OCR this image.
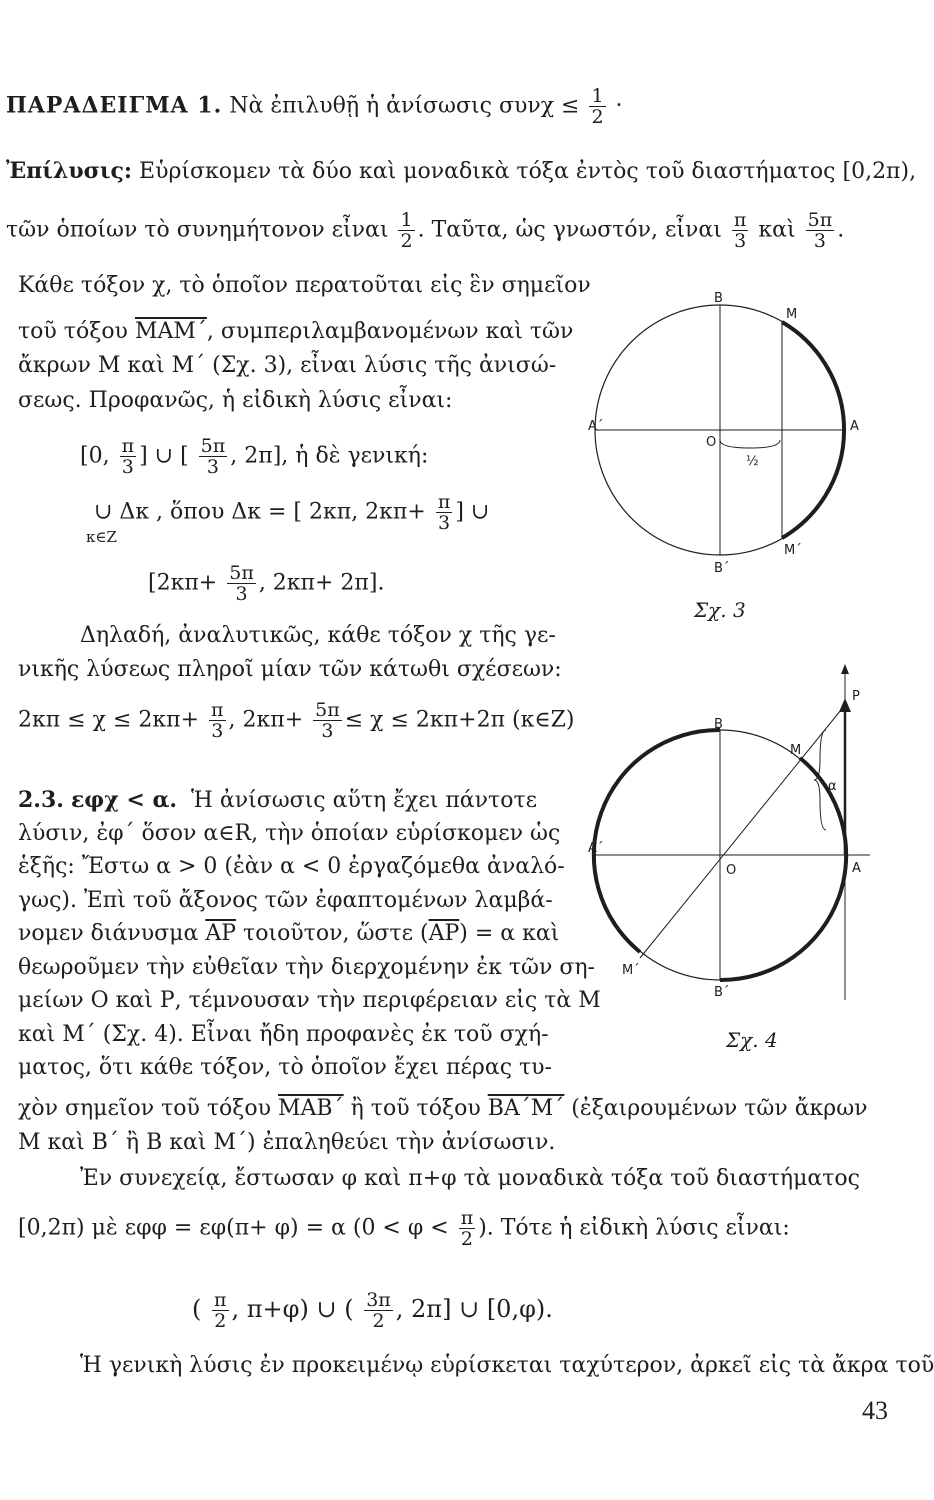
ΠΑΡΑΔΕΙΓΜΑ 1. Νὰ ἐπιλυθῇ ἡ ἀνίσωσις $\sigma\upsilon\nu\chi \le \frac{1}{2}$ ·
Ἐπίλυσις: Εὑρίσκομεν τὰ δύο καὶ μοναδικὰ τόξα ἐντὸς τοῦ διαστήματος [0,2π),
τῶν ὁποίων τὸ συνημήτονον εἶναι $\frac{1}{2}$ . Ταῦτα, ὡς γνωστόν, εἶναι $\frac{\pi}{3}$ καὶ $\frac{5\pi}{3}$ .
Κάθε τόξον χ, τὸ ὁποῖον περατοῦται εἰς ἓν σημεῖον
τοῦ τόξου ΜΑΜ΄, συμπεριλαμβανομένων καὶ τῶν
ἄκρων Μ καὶ Μ΄ (Σχ. 3), εἶναι λύσις τῆς ἀνισώ-
σεως. Προφανῶς, ἡ εἰδικὴ λύσις εἶναι:
[0, $\frac{\pi}{3}$ ] ∪ [ $\frac{5\pi}{3}$ , 2π], ἡ δὲ γενική:
∪ Δκ , ὅπου Δκ = [ 2κπ, $2\kappa\pi+ \frac{\pi}{3}$ ] ∪
κ∈Z
[$2\kappa\pi+ \frac{5\pi}{3}$ , 2κπ+ 2π].
Δηλαδή, ἀναλυτικῶς, κάθε τόξον χ τῆς γε-
νικῆς λύσεως πληροῖ μίαν τῶν κάτωθι σχέσεων:
$2\kappa\pi \le \chi \le 2\kappa\pi+ \frac{\pi}{3}$ , $2\kappa\pi+ \frac{5\pi}{3} \le \chi \le 2\kappa\pi+2\pi$ (κ∈Z)
2.3. εφχ < α.  Ἡ ἀνίσωσις αὕτη ἔχει πάντοτε
λύσιν, ἐφ΄ ὅσον α∈R, τὴν ὁποίαν εὑρίσκομεν ὡς
ἑξῆς: Ἔστω α > 0 (ἐὰν α < 0 ἐργαζόμεθα ἀναλό-
γως). Ἐπὶ τοῦ ἄξονος τῶν ἐφαπτομένων λαμβά-
νομεν διάνυσμα $\overline{AP}$ τοιοῦτον, ὥστε $(\overline{AP}) = \alpha$ καὶ
θεωροῦμεν τὴν εὐθεῖαν τὴν διερχομένην ἐκ τῶν ση-
μείων Ο καὶ Ρ, τέμνουσαν τὴν περιφέρειαν εἰς τὰ Μ
καὶ Μ΄ (Σχ. 4). Εἶναι ἤδη προφανὲς ἐκ τοῦ σχή-
ματος, ὅτι κάθε τόξον, τὸ ὁποῖον ἔχει πέρας τυ-
χὸν σημεῖον τοῦ τόξου ΜΑΒ΄ ἢ τοῦ τόξου ΒΑ΄Μ΄ (ἐξαιρουμένων τῶν ἄκρων
Μ καὶ Β΄ ἢ Β καὶ Μ΄) ἐπαληθεύει τὴν ἀνίσωσιν.
Ἐν συνεχείᾳ, ἔστωσαν φ καὶ π+φ τὰ μοναδικὰ τόξα τοῦ διαστήματος
[0,2π) μὲ εφφ = εφ(π+ φ) = α ($0 < \varphi < \frac{\pi}{2}$ ). Τότε ἡ εἰδικὴ λύσις εἶναι:
( $\frac{\pi}{2}$ , π+φ) ∪ ( $\frac{3\pi}{2}$ , 2π] ∪ [0,φ).
Ἡ γενικὴ λύσις ἐν προκειμένῳ εὑρίσκεται ταχύτερον, ἀρκεῖ εἰς τὰ ἄκρα τοῦ
43
B
M
A΄	A
O
½
B΄
M΄
Σχ. 3
P
B
M
α
A΄
A
O
M΄
B΄
Σχ. 4
